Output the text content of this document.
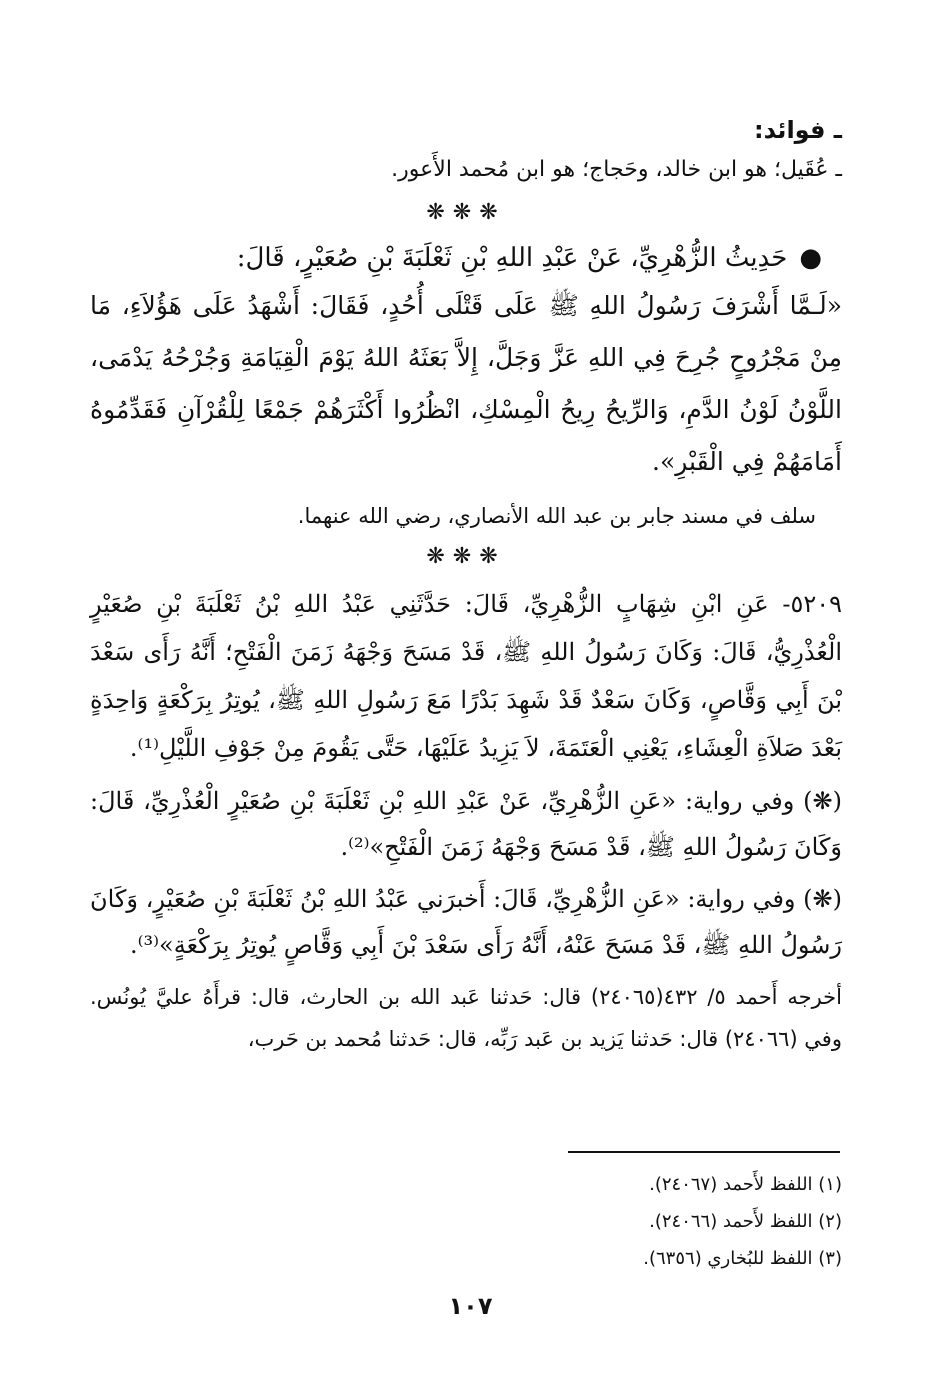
ـ فوائد:

ـ عُقَيل؛ هو ابن خالد، وحَجاج؛ هو ابن مُحمد الأَعور.

❋❋❋

●حَدِيثُ الزُّهْرِيِّ، عَنْ عَبْدِ اللهِ بْنِ ثَعْلَبَةَ بْنِ صُعَيْرٍ، قَالَ:

«لَـمَّا أَشْرَفَ رَسُولُ اللهِ ﷺ عَلَى قَتْلَى أُحُدٍ، فَقَالَ: أَشْهَدُ عَلَى هَؤُلاَءِ، مَا مِنْ مَجْرُوحٍ جُرِحَ فِي اللهِ عَزَّ وَجَلَّ، إِلاَّ بَعَثَهُ اللهُ يَوْمَ الْقِيَامَةِ وَجُرْحُهُ يَدْمَى، اللَّوْنُ لَوْنُ الدَّمِ، وَالرِّيحُ رِيحُ الْمِسْكِ، انْظُرُوا أَكْثَرَهُمْ جَمْعًا لِلْقُرْآنِ فَقَدِّمُوهُ أَمَامَهُمْ فِي الْقَبْرِ».

سلف في مسند جابر بن عبد الله الأنصاري، رضي الله عنهما.

❋❋❋

٥٢٠٩- عَنِ ابْنِ شِهَابٍ الزُّهْرِيِّ، قَالَ: حَدَّثَنِي عَبْدُ اللهِ بْنُ ثَعْلَبَةَ بْنِ صُعَيْرٍ الْعُذْرِيُّ، قَالَ: وَكَانَ رَسُولُ اللهِ ﷺ، قَدْ مَسَحَ وَجْهَهُ زَمَنَ الْفَتْحِ؛ أَنَّهُ رَأَى سَعْدَ بْنَ أَبِي وَقَّاصٍ، وَكَانَ سَعْدٌ قَدْ شَهِدَ بَدْرًا مَعَ رَسُولِ اللهِ ﷺ، يُوتِرُ بِرَكْعَةٍ وَاحِدَةٍ بَعْدَ صَلاَةِ الْعِشَاءِ، يَعْنِي الْعَتَمَةَ، لاَ يَزِيدُ عَلَيْهَا، حَتَّى يَقُومَ مِنْ جَوْفِ اللَّيْلِ⁽¹⁾.

(❋) وفي رواية: «عَنِ الزُّهْرِيِّ، عَنْ عَبْدِ اللهِ بْنِ ثَعْلَبَةَ بْنِ صُعَيْرٍ الْعُذْرِيِّ، قَالَ: وَكَانَ رَسُولُ اللهِ ﷺ، قَدْ مَسَحَ وَجْهَهُ زَمَنَ الْفَتْحِ»⁽²⁾.

(❋) وفي رواية: «عَنِ الزُّهْرِيِّ، قَالَ: أَخبرَني عَبْدُ اللهِ بْنُ ثَعْلَبَةَ بْنِ صُعَيْرٍ، وَكَانَ رَسُولُ اللهِ ﷺ، قَدْ مَسَحَ عَنْهُ، أَنَّهُ رَأَى سَعْدَ بْنَ أَبِي وَقَّاصٍ يُوتِرُ بِرَكْعَةٍ»⁽³⁾.

أخرجه أَحمد ٥/ ٤٣٢(٢٤٠٦٥) قال: حَدثنا عَبد الله بن الحارث، قال: قرأَهُ عليَّ يُونُس. وفي (٢٤٠٦٦) قال: حَدثنا يَزيد بن عَبد رَبِّه، قال: حَدثنا مُحمد بن حَرب،

(١) اللفظ لأَحمد (٢٤٠٦٧).

(٢) اللفظ لأَحمد (٢٤٠٦٦).

(٣) اللفظ للبُخاري (٦٣٥٦).

١٠٧
